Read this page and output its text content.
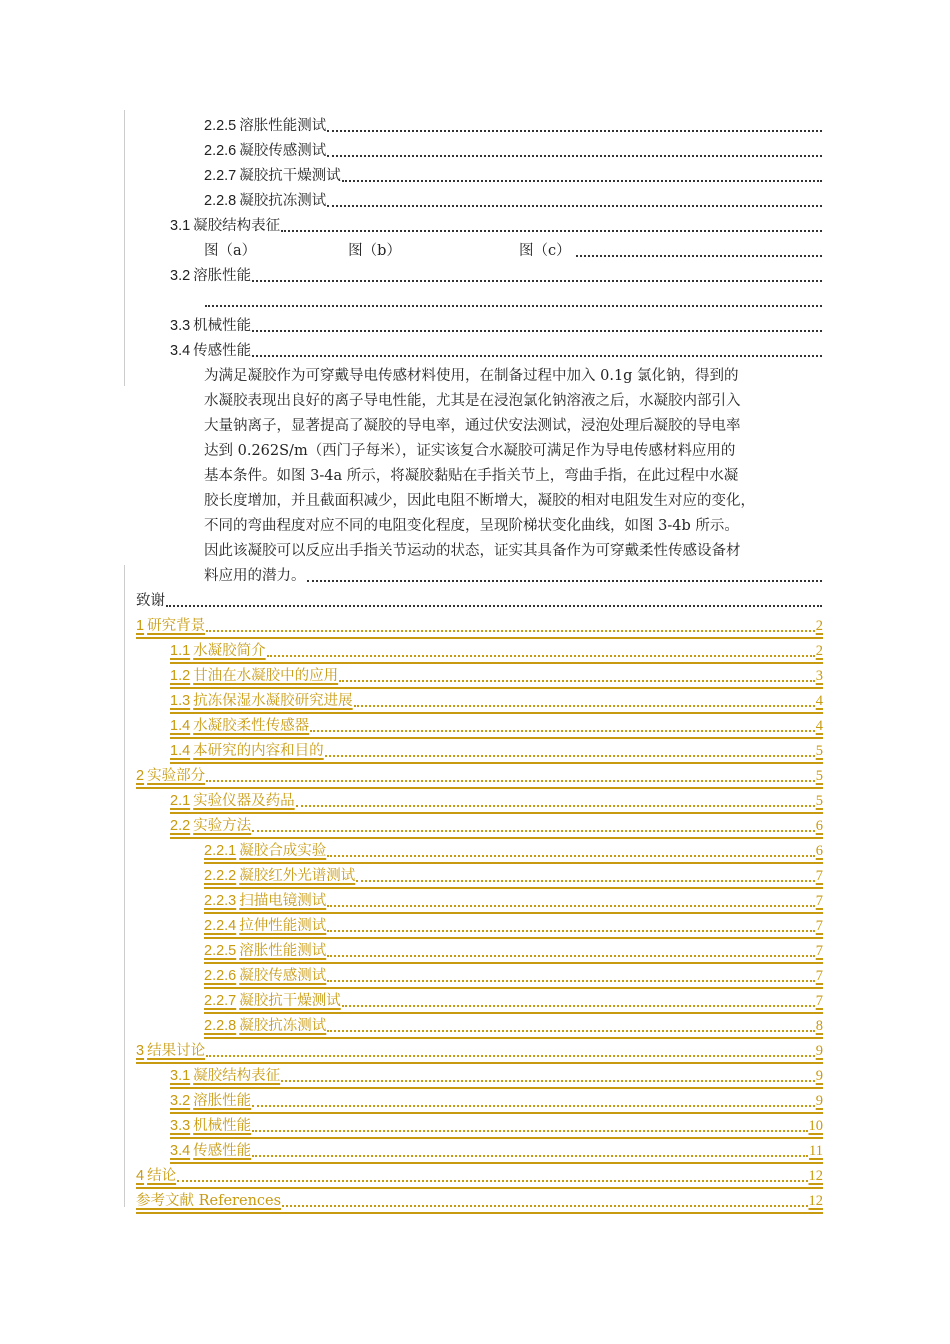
2.2.5 溶胀性能测试
2.2.6 凝胶传感测试
2.2.7 凝胶抗干燥测试
2.2.8 凝胶抗冻测试
3.1 凝胶结构表征
图（a）	图（b）	图（c）
3.2 溶胀性能
3.3 机械性能
3.4 传感性能
为满足凝胶作为可穿戴导电传感材料使用，在制备过程中加入 0.1g 氯化钠，得到的
水凝胶表现出良好的离子导电性能，尤其是在浸泡氯化钠溶液之后，水凝胶内部引入
大量钠离子，显著提高了凝胶的导电率，通过伏安法测试，浸泡处理后凝胶的导电率
达到 0.262S/m（西门子每米），证实该复合水凝胶可满足作为导电传感材料应用的
基本条件。如图 3-4a 所示，将凝胶黏贴在手指关节上，弯曲手指，在此过程中水凝
胶长度增加，并且截面积减少，因此电阻不断增大，凝胶的相对电阻发生对应的变化，
不同的弯曲程度对应不同的电阻变化程度，呈现阶梯状变化曲线，如图 3-4b 所示。
因此该凝胶可以反应出手指关节运动的状态，证实其具备作为可穿戴柔性传感设备材
料应用的潜力。
致谢
1 研究背景	2
1.1 水凝胶简介	2
1.2 甘油在水凝胶中的应用	3
1.3 抗冻保湿水凝胶研究进展	4
1.4 水凝胶柔性传感器	4
1.4 本研究的内容和目的	5
2 实验部分	5
2.1 实验仪器及药品	5
2.2 实验方法	6
2.2.1 凝胶合成实验	6
2.2.2 凝胶红外光谱测试	7
2.2.3 扫描电镜测试	7
2.2.4 拉伸性能测试	7
2.2.5 溶胀性能测试	7
2.2.6 凝胶传感测试	7
2.2.7 凝胶抗干燥测试	7
2.2.8 凝胶抗冻测试	8
3 结果讨论	9
3.1 凝胶结构表征	9
3.2 溶胀性能	9
3.3 机械性能	10
3.4 传感性能	11
4 结论	12
参考文献 References	12
